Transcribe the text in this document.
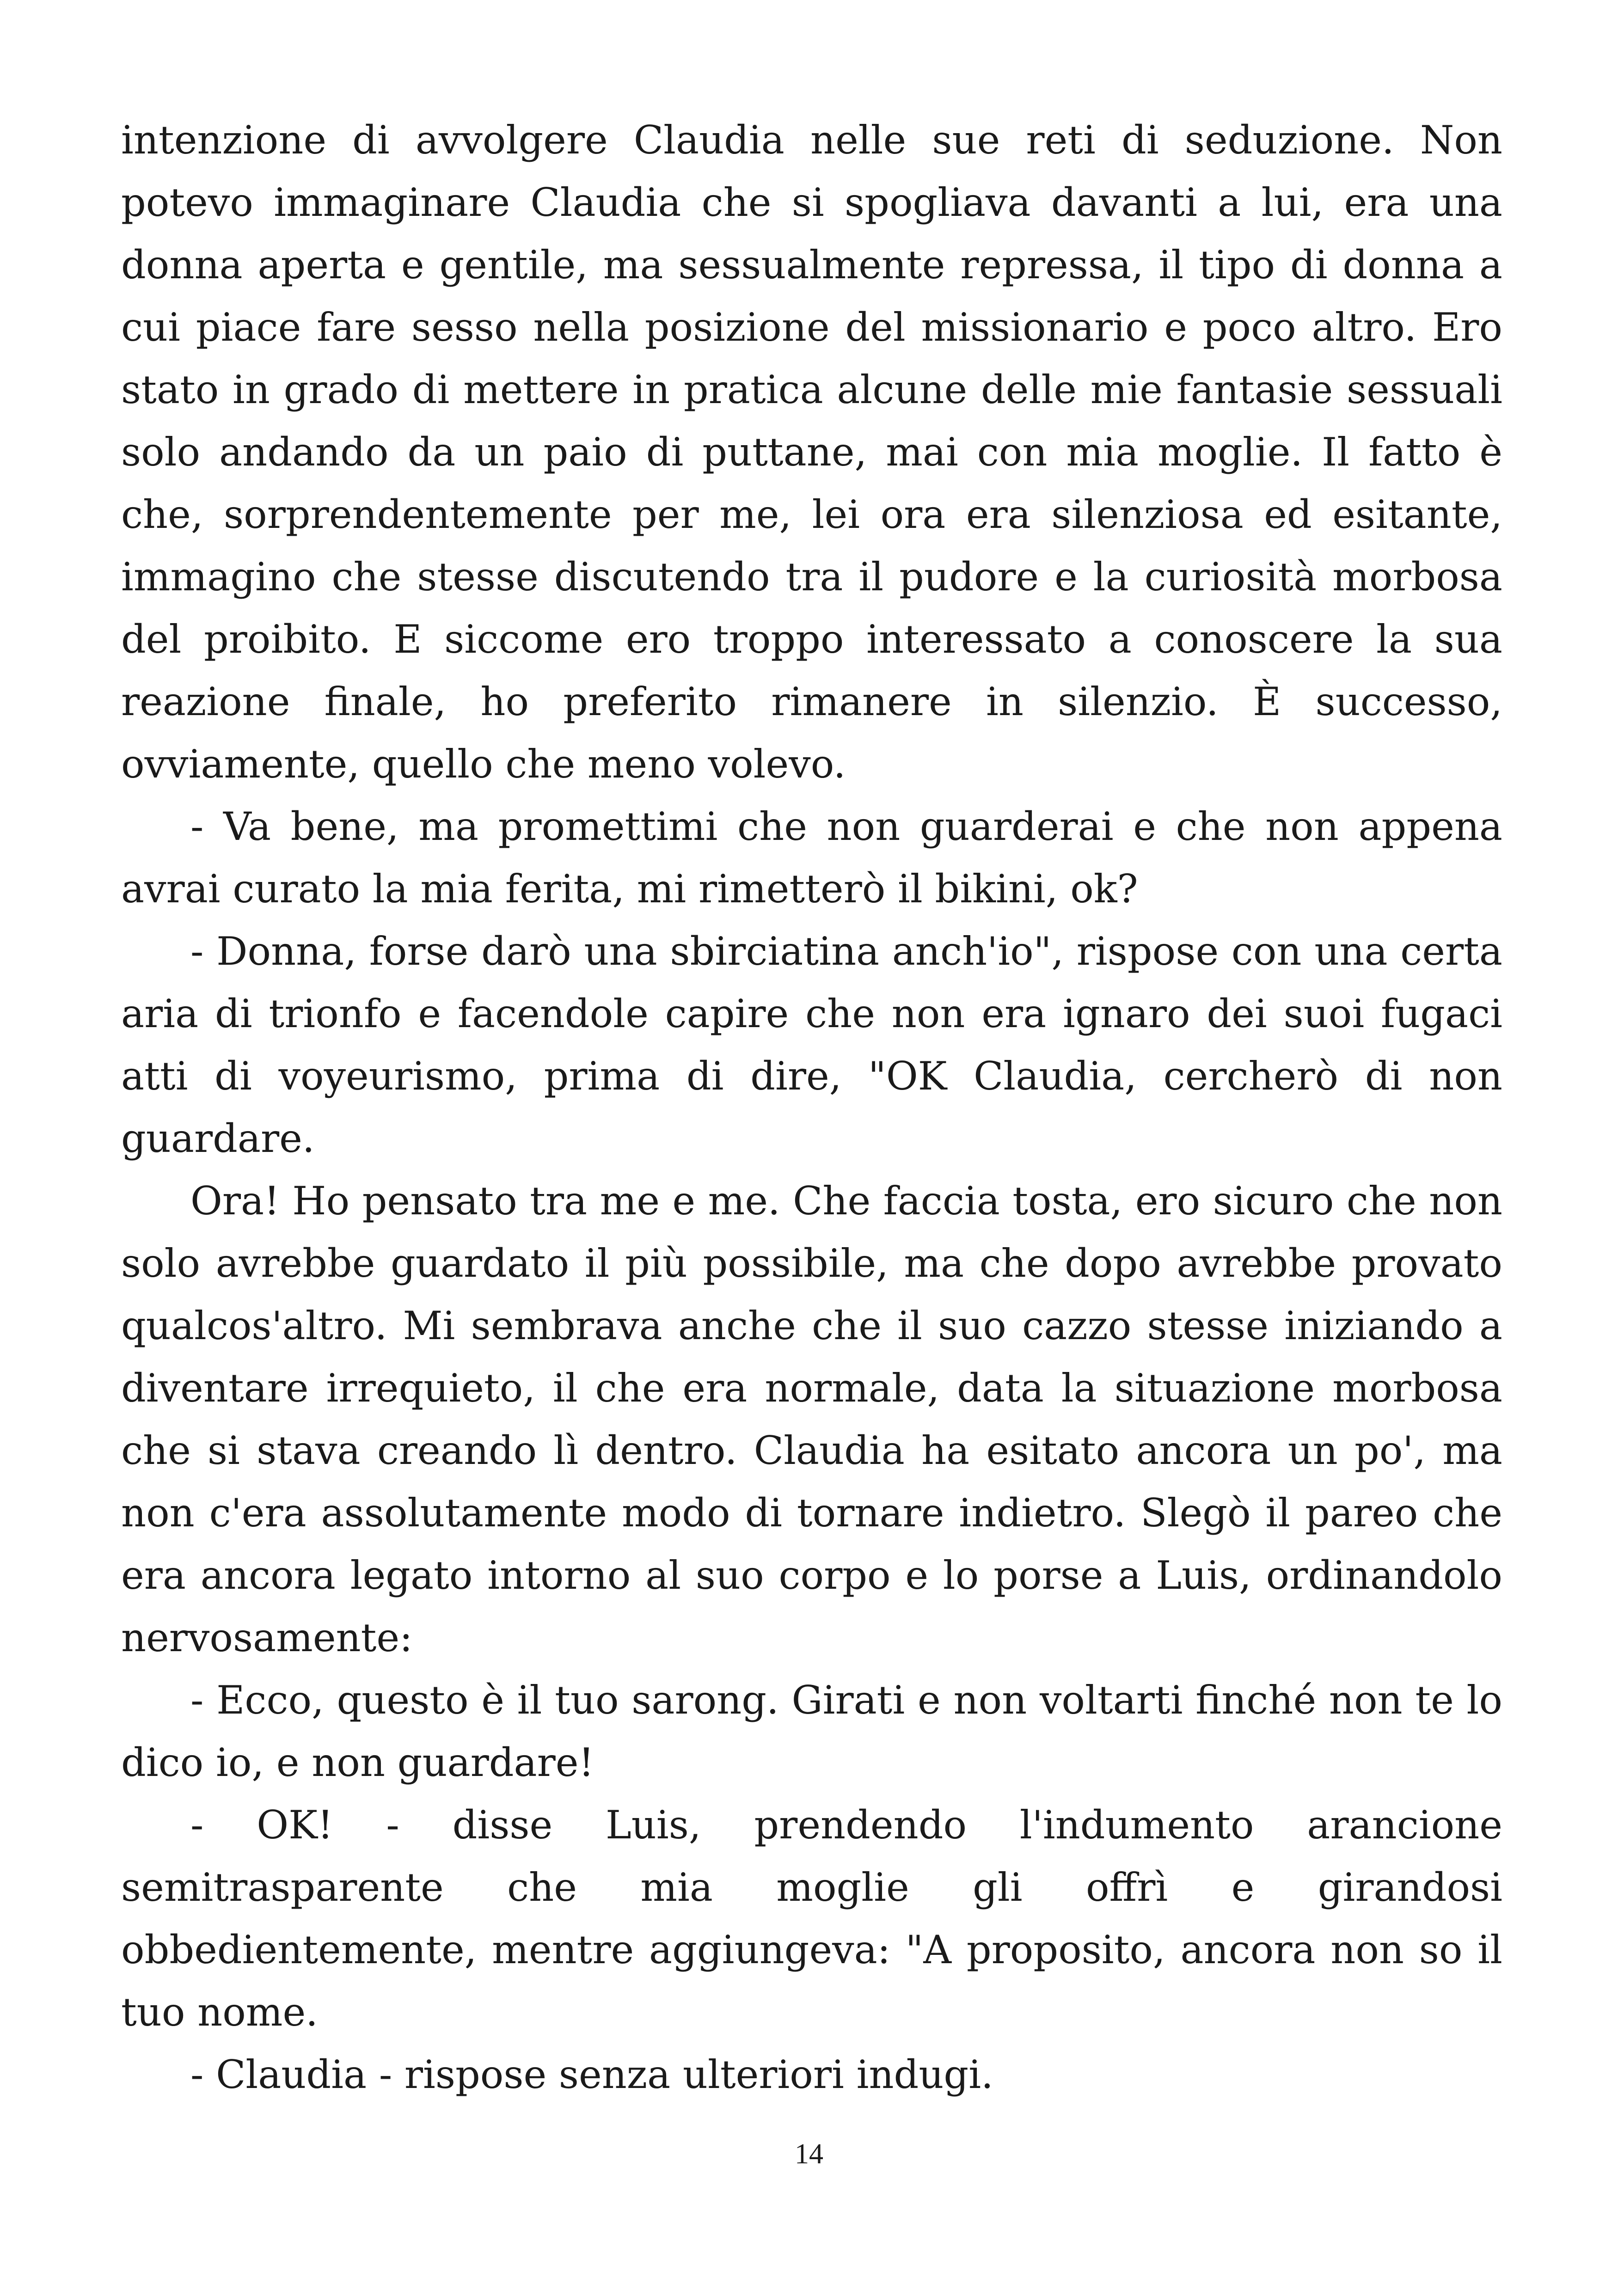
intenzione di avvolgere Claudia nelle sue reti di seduzione. Non potevo immaginare Claudia che si spogliava davanti a lui, era una donna aperta e gentile, ma sessualmente repressa, il tipo di donna a cui piace fare sesso nella posizione del missionario e poco altro. Ero stato in grado di mettere in pratica alcune delle mie fantasie sessuali solo andando da un paio di puttane, mai con mia moglie. Il fatto è che, sorprendentemente per me, lei ora era silenziosa ed esitante, immagino che stesse discutendo tra il pudore e la curiosità morbosa del proibito. E siccome ero troppo interessato a conoscere la sua reazione finale, ho preferito rimanere in silenzio. È successo, ovviamente, quello che meno volevo.

- Va bene, ma promettimi che non guarderai e che non appena avrai curato la mia ferita, mi rimetterò il bikini, ok?

- Donna, forse darò una sbirciatina anch'io", rispose con una certa aria di trionfo e facendole capire che non era ignaro dei suoi fugaci atti di voyeurismo, prima di dire, "OK Claudia, cercherò di non guardare.

Ora! Ho pensato tra me e me. Che faccia tosta, ero sicuro che non solo avrebbe guardato il più possibile, ma che dopo avrebbe provato qualcos'altro. Mi sembrava anche che il suo cazzo stesse iniziando a diventare irrequieto, il che era normale, data la situazione morbosa che si stava creando lì dentro. Claudia ha esitato ancora un po', ma non c'era assolutamente modo di tornare indietro. Slegò il pareo che era ancora legato intorno al suo corpo e lo porse a Luis, ordinandolo nervosamente:

- Ecco, questo è il tuo sarong. Girati e non voltarti finché non te lo dico io, e non guardare!

- OK! - disse Luis, prendendo l'indumento arancione semitrasparente che mia moglie gli offrì e girandosi obbedientemente, mentre aggiungeva: "A proposito, ancora non so il tuo nome.

- Claudia - rispose senza ulteriori indugi.

14
